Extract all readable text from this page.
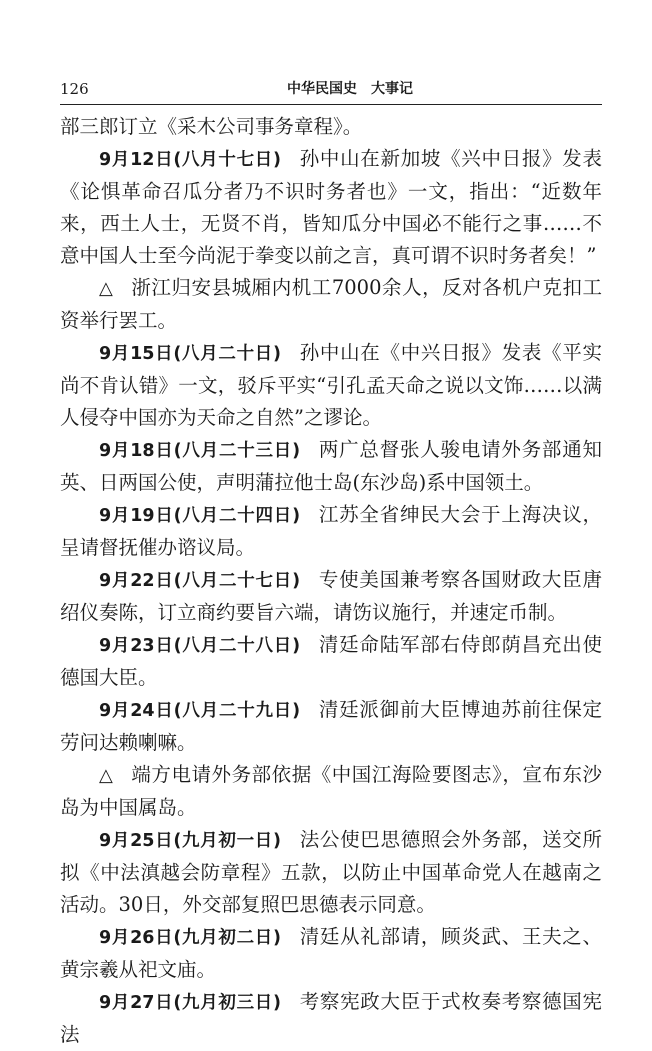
126	中华民国史　大事记

部三郎订立《采木公司事务章程》。

9月12日(八月十七日) 孙中山在新加坡《兴中日报》发表《论惧革命召瓜分者乃不识时务者也》一文，指出：“近数年来，西土人士，无贤不肖，皆知瓜分中国必不能行之事……不意中国人士至今尚泥于拳变以前之言，真可谓不识时务者矣！”

△ 浙江归安县城厢内机工7000余人，反对各机户克扣工资举行罢工。

9月15日(八月二十日) 孙中山在《中兴日报》发表《平实尚不肯认错》一文，驳斥平实“引孔孟天命之说以文饰……以满人侵夺中国亦为天命之自然”之谬论。

9月18日(八月二十三日) 两广总督张人骏电请外务部通知英、日两国公使，声明蒲拉他士岛(东沙岛)系中国领土。

9月19日(八月二十四日) 江苏全省绅民大会于上海决议，呈请督抚催办谘议局。

9月22日(八月二十七日) 专使美国兼考察各国财政大臣唐绍仪奏陈，订立商约要旨六端，请饬议施行，并速定币制。

9月23日(八月二十八日) 清廷命陆军部右侍郎荫昌充出使德国大臣。

9月24日(八月二十九日) 清廷派御前大臣博迪苏前往保定劳问达赖喇嘛。

△ 端方电请外务部依据《中国江海险要图志》，宣布东沙岛为中国属岛。

9月25日(九月初一日) 法公使巴思德照会外务部，送交所拟《中法滇越会防章程》五款，以防止中国革命党人在越南之活动。30日，外交部复照巴思德表示同意。

9月26日(九月初二日) 清廷从礼部请，顾炎武、王夫之、黄宗羲从祀文庙。

9月27日(九月初三日) 考察宪政大臣于式枚奏考察德国宪法
